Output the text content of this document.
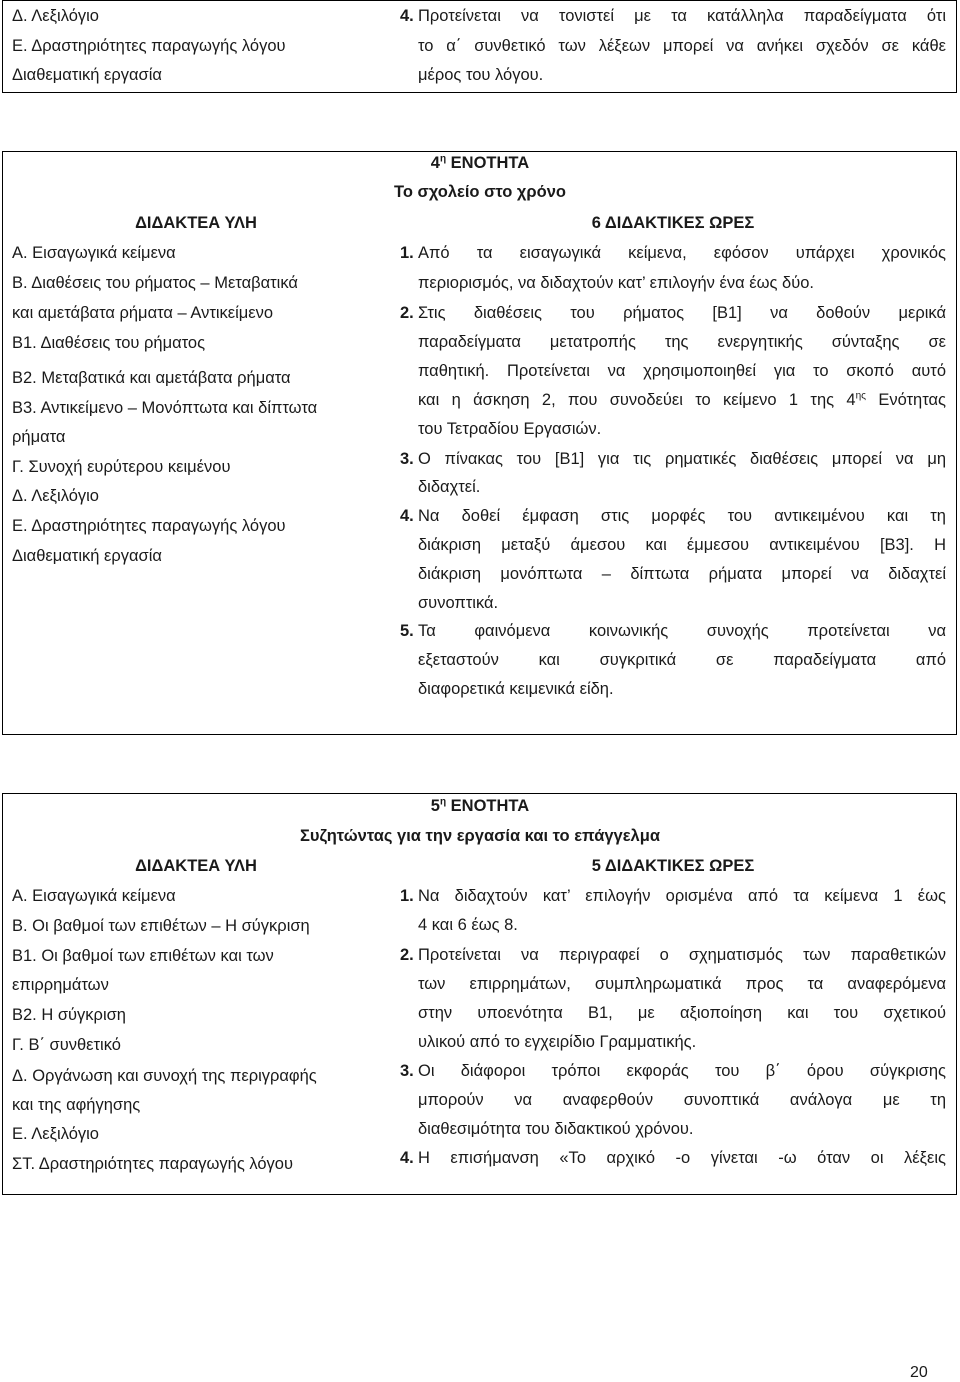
Δ. Λεξιλόγιο
Ε. Δραστηριότητες παραγωγής λόγου
Διαθεματική εργασία
4. Προτείνεται να τονιστεί με τα κατάλληλα παραδείγματα ότι
το α΄ συνθετικό των λέξεων μπορεί να ανήκει σχεδόν σε κάθε
μέρος του λόγου.
$4^\eta$ ΕΝΟΤΗΤΑ
Το σχολείο στο χρόνο
ΔΙΔΑΚΤΕΑ ΥΛΗ	6 ΔΙΔΑΚΤΙΚΕΣ ΩΡΕΣ
Α. Εισαγωγικά κείμενα
Β. Διαθέσεις του ρήματος – Μεταβατικά
και αμετάβατα ρήματα – Αντικείμενο
Β1. Διαθέσεις του ρήματος
Β2. Μεταβατικά και αμετάβατα ρήματα
Β3. Αντικείμενο – Μονόπτωτα και δίπτωτα
ρήματα
Γ. Συνοχή ευρύτερου κειμένου
Δ. Λεξιλόγιο
Ε. Δραστηριότητες παραγωγής λόγου
Διαθεματική εργασία
1. Από τα εισαγωγικά κείμενα, εφόσον υπάρχει χρονικός
περιορισμός, να διδαχτούν κατ’ επιλογήν ένα έως δύο.
2. Στις διαθέσεις του ρήματος [Β1] να δοθούν μερικά
παραδείγματα μετατροπής της ενεργητικής σύνταξης σε
παθητική. Προτείνεται να χρησιμοποιηθεί για το σκοπό αυτό
και η άσκηση 2, που συνοδεύει το κείμενο 1 της $4^{\eta\varsigma}$ Ενότητας
του Τετραδίου Εργασιών.
3. Ο πίνακας του [Β1] για τις ρηματικές διαθέσεις μπορεί να μη
διδαχτεί.
4. Να δοθεί έμφαση στις μορφές του αντικειμένου και τη
διάκριση μεταξύ άμεσου και έμμεσου αντικειμένου [Β3]. Η
διάκριση μονόπτωτα – δίπτωτα ρήματα μπορεί να διδαχτεί
συνοπτικά.
5. Τα φαινόμενα κοινωνικής συνοχής προτείνεται να
εξεταστούν και συγκριτικά σε παραδείγματα από
διαφορετικά κειμενικά είδη.
$5^\eta$ ΕΝΟΤΗΤΑ
Συζητώντας για την εργασία και το επάγγελμα
ΔΙΔΑΚΤΕΑ ΥΛΗ	5 ΔΙΔΑΚΤΙΚΕΣ ΩΡΕΣ
Α. Εισαγωγικά κείμενα
Β. Οι βαθμοί των επιθέτων – Η σύγκριση
Β1. Οι βαθμοί των επιθέτων και των
επιρρημάτων
Β2. Η σύγκριση
Γ. Β΄ συνθετικό
Δ. Οργάνωση και συνοχή της περιγραφής
και της αφήγησης
Ε. Λεξιλόγιο
ΣΤ. Δραστηριότητες παραγωγής λόγου
1. Να διδαχτούν κατ’ επιλογήν ορισμένα από τα κείμενα 1 έως
4 και 6 έως 8.
2. Προτείνεται να περιγραφεί ο σχηματισμός των παραθετικών
των επιρρημάτων, συμπληρωματικά προς τα αναφερόμενα
στην υποενότητα Β1, με αξιοποίηση και του σχετικού
υλικού από το εγχειρίδιο Γραμματικής.
3. Οι διάφοροι τρόποι εκφοράς του β΄ όρου σύγκρισης
μπορούν να αναφερθούν συνοπτικά ανάλογα με τη
διαθεσιμότητα του διδακτικού χρόνου.
4. Η επισήμανση «Το αρχικό -ο γίνεται -ω όταν οι λέξεις
20
